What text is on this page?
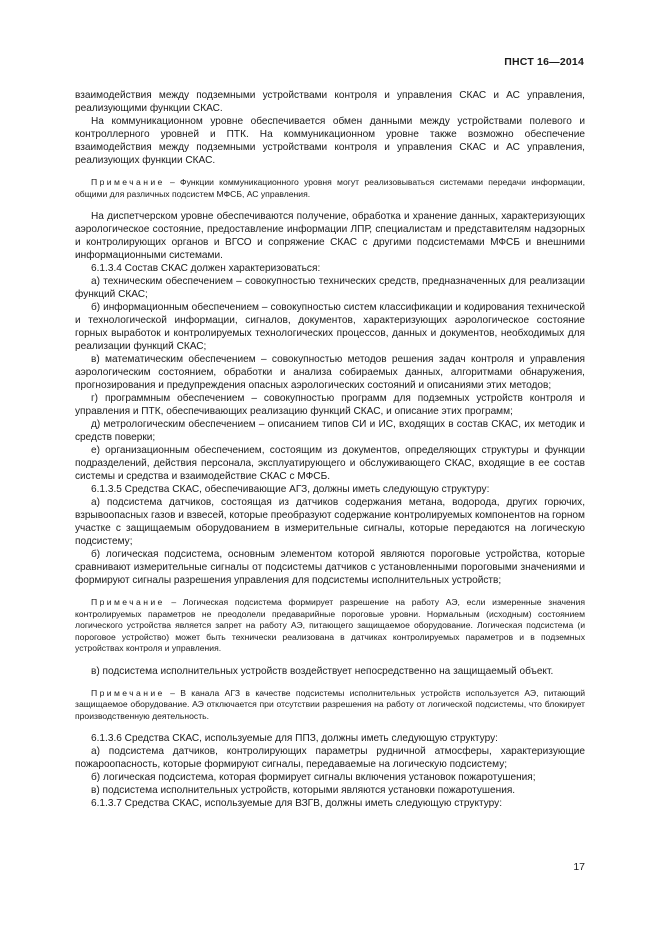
ПНСТ 16—2014

взаимодействия между подземными устройствами контроля и управления СКАС и АС управления, реализующими функции СКАС.

На коммуникационном уровне обеспечивается обмен данными между устройствами полевого и контроллерного уровней и ПТК. На коммуникационном уровне также возможно обеспечение взаимодействия между подземными устройствами контроля и управления СКАС и АС управления, реализующих функции СКАС.

Примечание – Функции коммуникационного уровня могут реализовываться системами передачи информации, общими для различных подсистем МФСБ, АС управления.

На диспетчерском уровне обеспечиваются получение, обработка и хранение данных, характеризующих аэрологическое состояние, предоставление информации ЛПР, специалистам и представителям надзорных и контролирующих органов и ВГСО и сопряжение СКАС с другими подсистемами МФСБ и внешними информационными системами.

6.1.3.4 Состав СКАС должен характеризоваться:

а) техническим обеспечением – совокупностью технических средств, предназначенных для реализации функций СКАС;

б) информационным обеспечением – совокупностью систем классификации и кодирования технической и технологической информации, сигналов, документов, характеризующих аэрологическое состояние горных выработок и контролируемых технологических процессов, данных и документов, необходимых для реализации функций СКАС;

в) математическим обеспечением – совокупностью методов решения задач контроля и управления аэрологическим состоянием, обработки и анализа собираемых данных, алгоритмами обнаружения, прогнозирования и предупреждения опасных аэрологических состояний и описаниями этих методов;

г) программным обеспечением – совокупностью программ для подземных устройств контроля и управления и ПТК, обеспечивающих реализацию функций СКАС, и описание этих программ;

д) метрологическим обеспечением – описанием типов СИ и ИС, входящих в состав СКАС, их методик и средств поверки;

е) организационным обеспечением, состоящим из документов, определяющих структуры и функции подразделений, действия персонала, эксплуатирующего и обслуживающего СКАС, входящие в ее состав системы и средства и взаимодействие СКАС с МФСБ.

6.1.3.5 Средства СКАС, обеспечивающие АГЗ, должны иметь следующую структуру:

а) подсистема датчиков, состоящая из датчиков содержания метана, водорода, других горючих, взрывоопасных газов и взвесей, которые преобразуют содержание контролируемых компонентов на горном участке с защищаемым оборудованием в измерительные сигналы, которые передаются на логическую подсистему;

б) логическая подсистема, основным элементом которой являются пороговые устройства, которые сравнивают измерительные сигналы от подсистемы датчиков с установленными пороговыми значениями и формируют сигналы разрешения управления для подсистемы исполнительных устройств;

Примечание – Логическая подсистема формирует разрешение на работу АЭ, если измеренные значения контролируемых параметров не преодолели предаварийные пороговые уровни. Нормальным (исходным) состоянием логического устройства является запрет на работу АЭ, питающего защищаемое оборудование. Логическая подсистема (и пороговое устройство) может быть технически реализована в датчиках контролируемых параметров и в подземных устройствах контроля и управления.

в) подсистема исполнительных устройств воздействует непосредственно на защищаемый объект.

Примечание – В канала АГЗ в качестве подсистемы исполнительных устройств используется АЭ, питающий защищаемое оборудование. АЭ отключается при отсутствии разрешения на работу от логической подсистемы, что блокирует производственную деятельность.

6.1.3.6 Средства СКАС, используемые для ППЗ, должны иметь следующую структуру:

а) подсистема датчиков, контролирующих параметры рудничной атмосферы, характеризующие пожароопасность, которые формируют сигналы, передаваемые на логическую подсистему;

б) логическая подсистема, которая формирует сигналы включения установок пожаротушения;

в) подсистема исполнительных устройств, которыми являются установки пожаротушения.

6.1.3.7 Средства СКАС, используемые для ВЗГВ, должны иметь следующую структуру:

17
